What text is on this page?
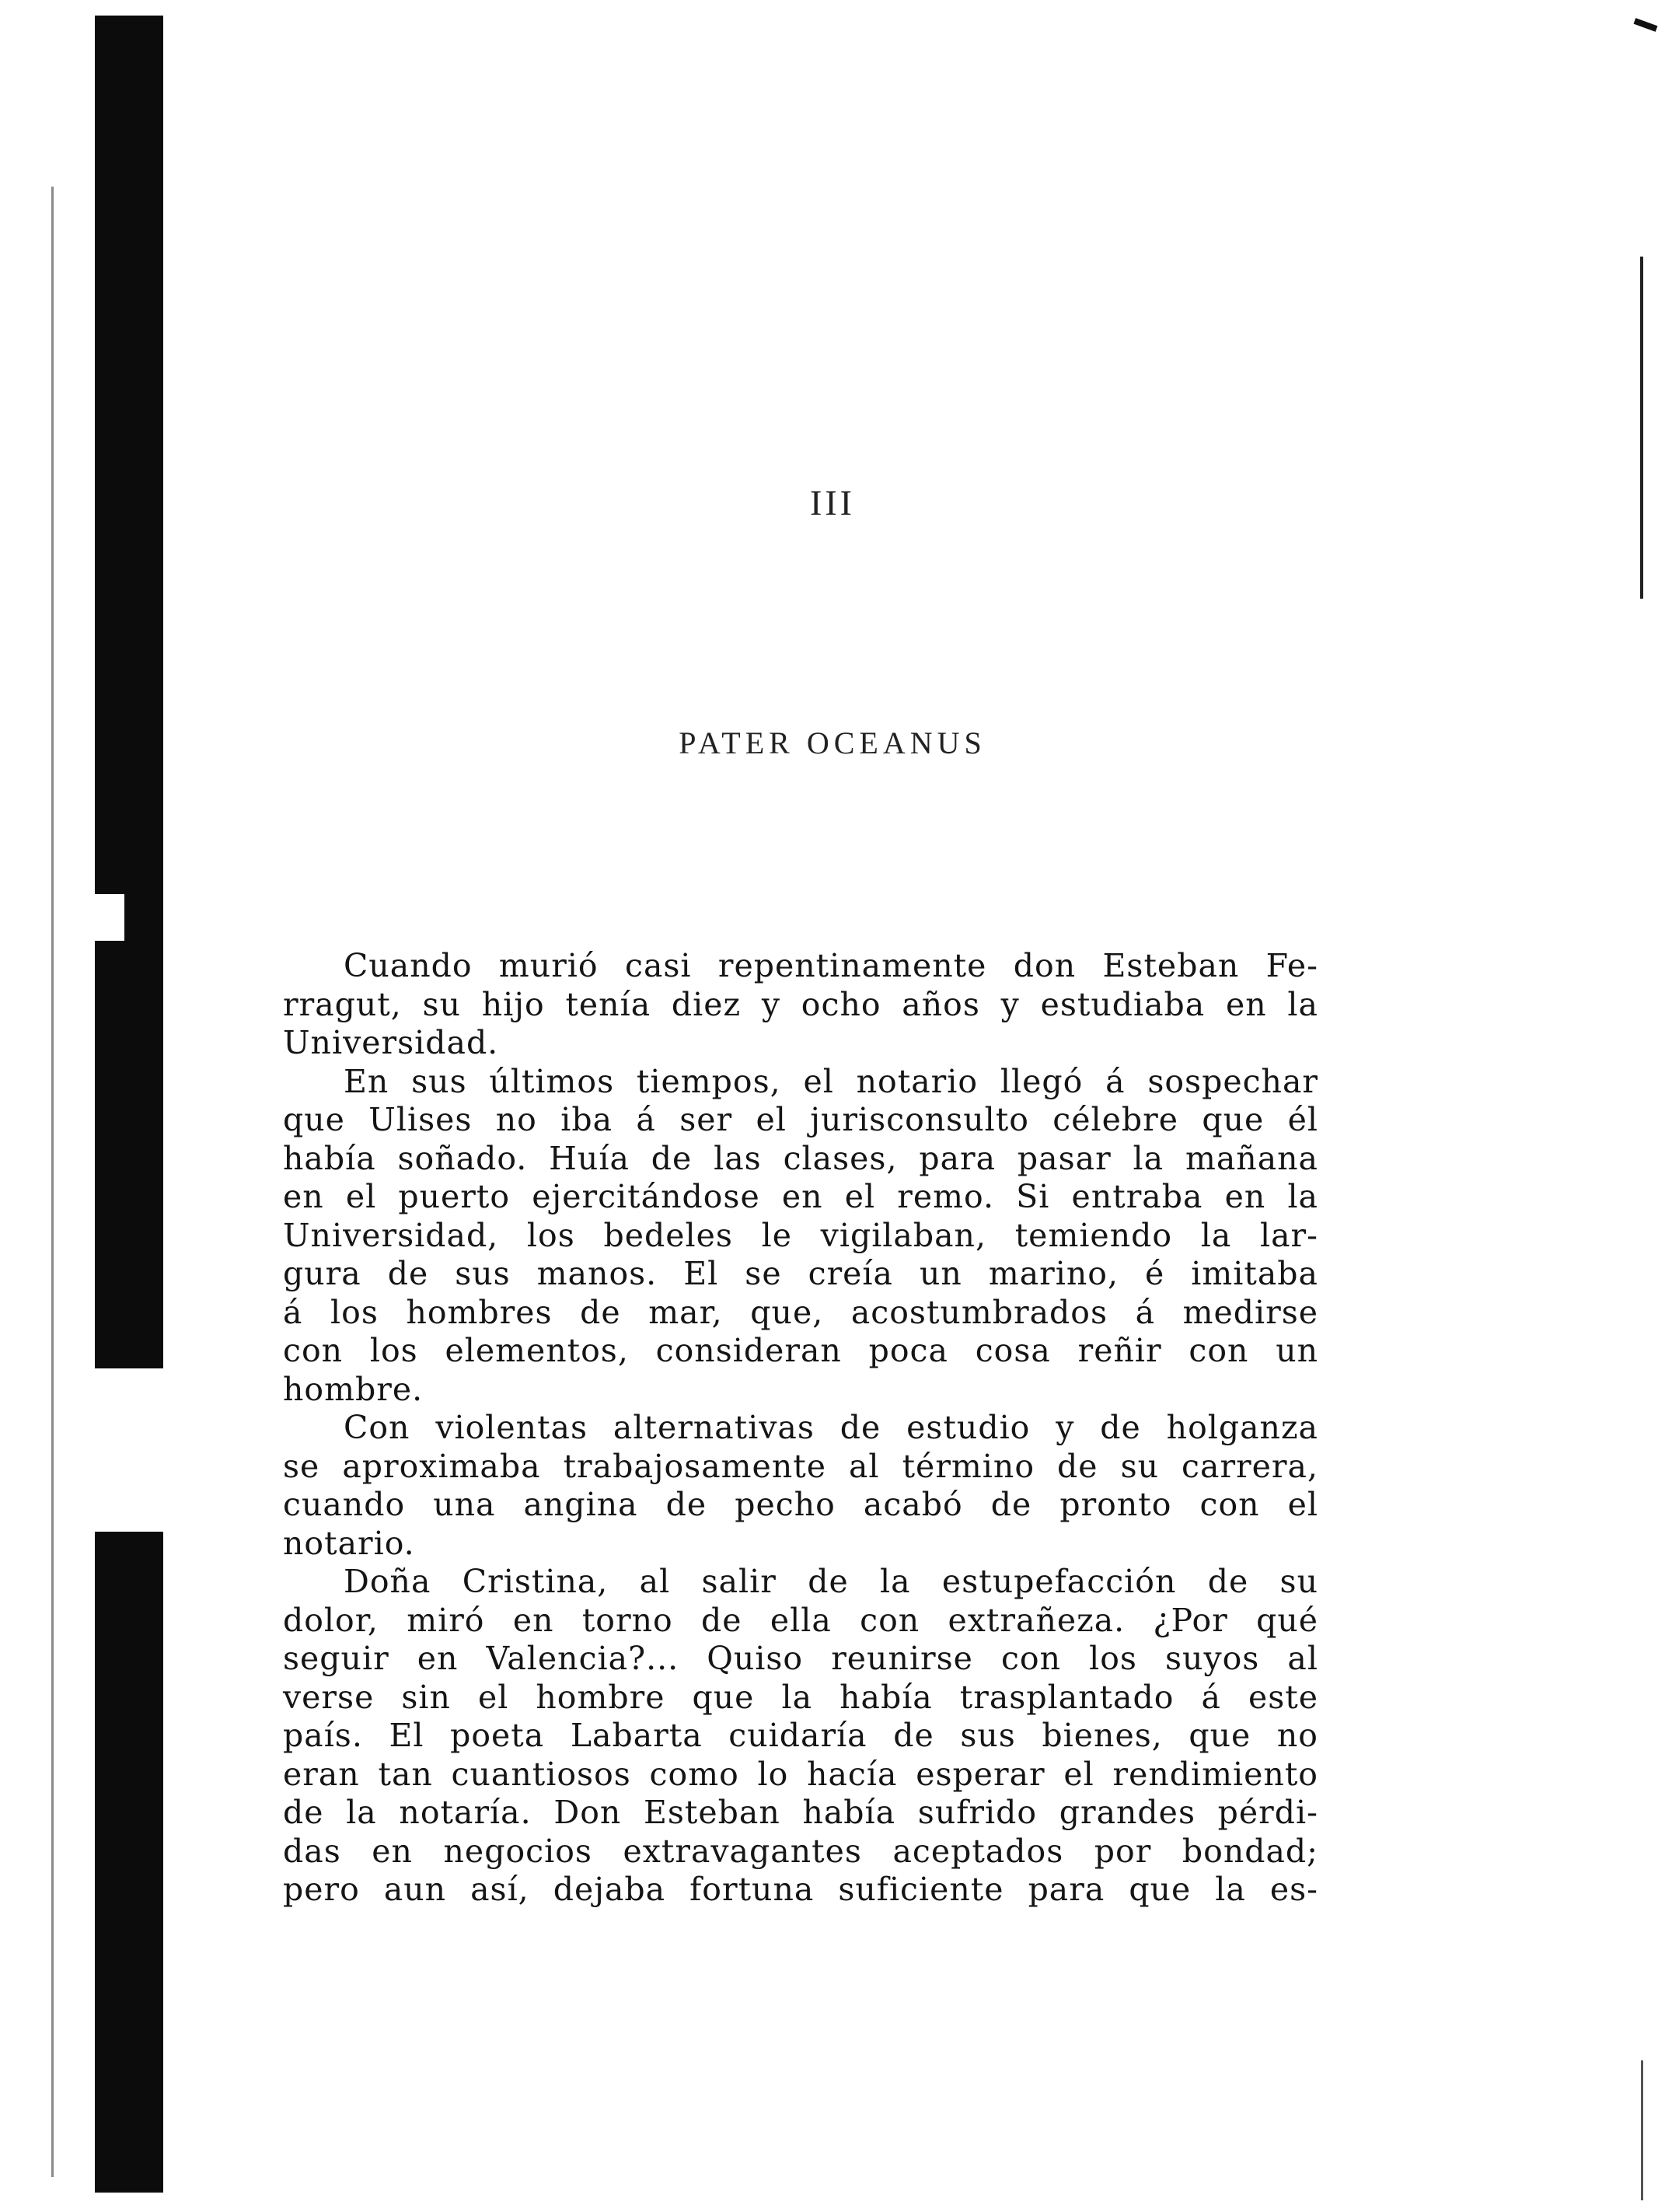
III
PATER OCEANUS
Cuando murió casi repentinamente don Esteban Fe-
rragut, su hijo tenía diez y ocho años y estudiaba en la
Universidad.
En sus últimos tiempos, el notario llegó á sospechar
que Ulises no iba á ser el jurisconsulto célebre que él
había soñado. Huía de las clases, para pasar la mañana
en el puerto ejercitándose en el remo. Si entraba en la
Universidad, los bedeles le vigilaban, temiendo la lar-
gura de sus manos. El se creía un marino, é imitaba
á los hombres de mar, que, acostumbrados á medirse
con los elementos, consideran poca cosa reñir con un
hombre.
Con violentas alternativas de estudio y de holganza
se aproximaba trabajosamente al término de su carrera,
cuando una angina de pecho acabó de pronto con el
notario.
Doña Cristina, al salir de la estupefacción de su
dolor, miró en torno de ella con extrañeza. ¿Por qué
seguir en Valencia?... Quiso reunirse con los suyos al
verse sin el hombre que la había trasplantado á este
país. El poeta Labarta cuidaría de sus bienes, que no
eran tan cuantiosos como lo hacía esperar el rendimiento
de la notaría. Don Esteban había sufrido grandes pérdi-
das en negocios extravagantes aceptados por bondad;
pero aun así, dejaba fortuna suficiente para que la es-
